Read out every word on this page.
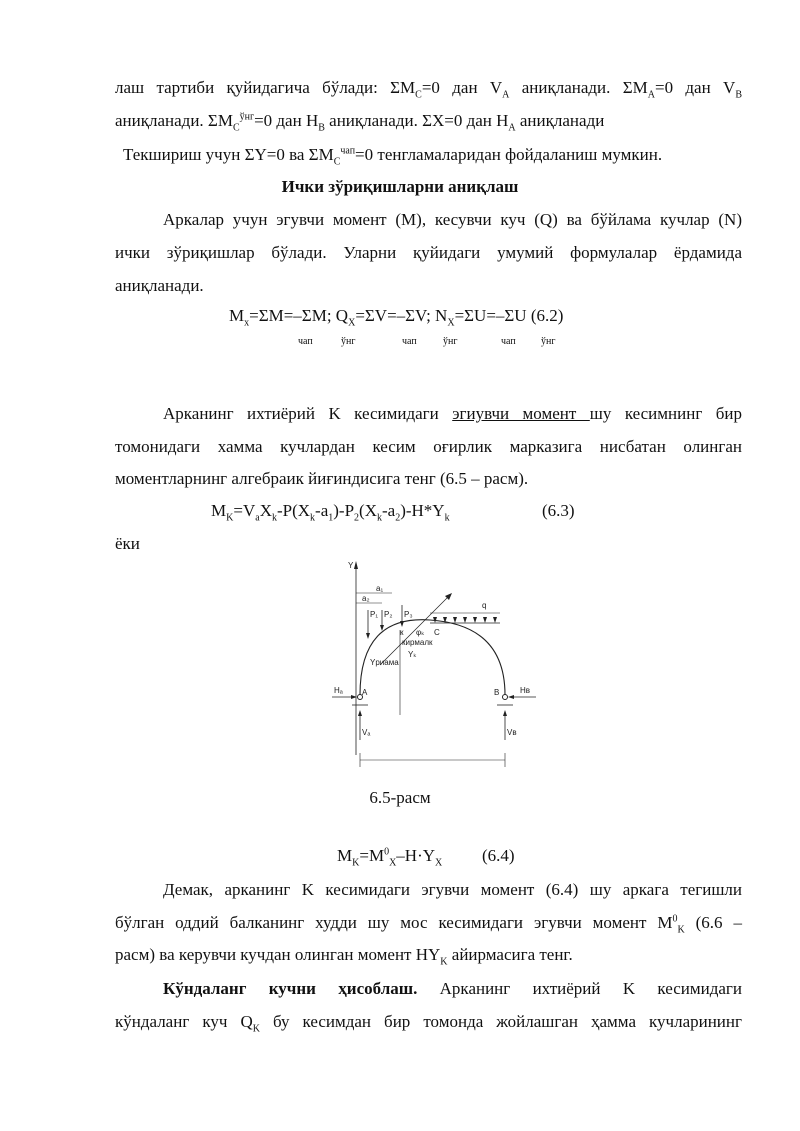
лаш тартиби қуйидагича бўлади: $\Sigma M_C=0$ дан $V_A$ аниқланади. $\Sigma M_A=0$ дан $V_B$
аниқланади. $\Sigma M_C^{ўнг}=0$ дан $H_B$ аниқланади. ΣX=0 дан $H_A$ аниқланади
Текшириш учун ΣY=0 ва $\Sigma M_C^{чап}=0$ тенгламаларидан фойдаланиш мумкин.
Ички зўриқишларни аниқлаш
Аркалар учун эгувчи момент (M), кесувчи куч (Q) ва бўйлама кучлар (N)
ички зўриқишлар бўлади. Уларни қуйидаги умумий формулалар ёрдамида
аниқланади.
$M_x=\Sigma M=-\Sigma M$; $Q_X=\Sigma V=-\Sigma V$; $N_X=\Sigma U=-\Sigma U$ (6.2)
чап	ўнг	чап	ўнг	чап	ўнг
Арканинг ихтиёрий K кесимидаги эгиувчи момент шу кесимнинг бир
томонидаги хамма кучлардан кесим оғирлик марказига нисбатан олинган
моментларнинг алгебраик йиғиндисига тенг (6.5 – расм).
$M_K=V_aX_k-P(X_k-a_1)-P_2(X_k-a_2)-H*Y_k$	(6.3)
ёки
Y
a₁
a₂
P₁ P₂ P₃
q
к	C
φₖ
кирмалк
Yₖ
Yриама
Hₐ	Hв
A	B
Vₐ	Vв
6.5-расм
$M_K=M^0_X-H\cdot Y_X$	(6.4)
Демак, арканинг K кесимидаги эгувчи момент (6.4) шу аркага тегишли
бўлган оддий балканинг худди шу мос кесимидаги эгувчи момент $M^0_K$ (6.6 –
расм) ва керувчи кучдан олинган момент $HY_K$ айирмасига тенг.
Кўндаланг кучни ҳисоблаш. Арканинг ихтиёрий K кесимидаги
кўндаланг куч $Q_K$ бу кесимдан бир томонда жойлашган ҳамма кучларининг
